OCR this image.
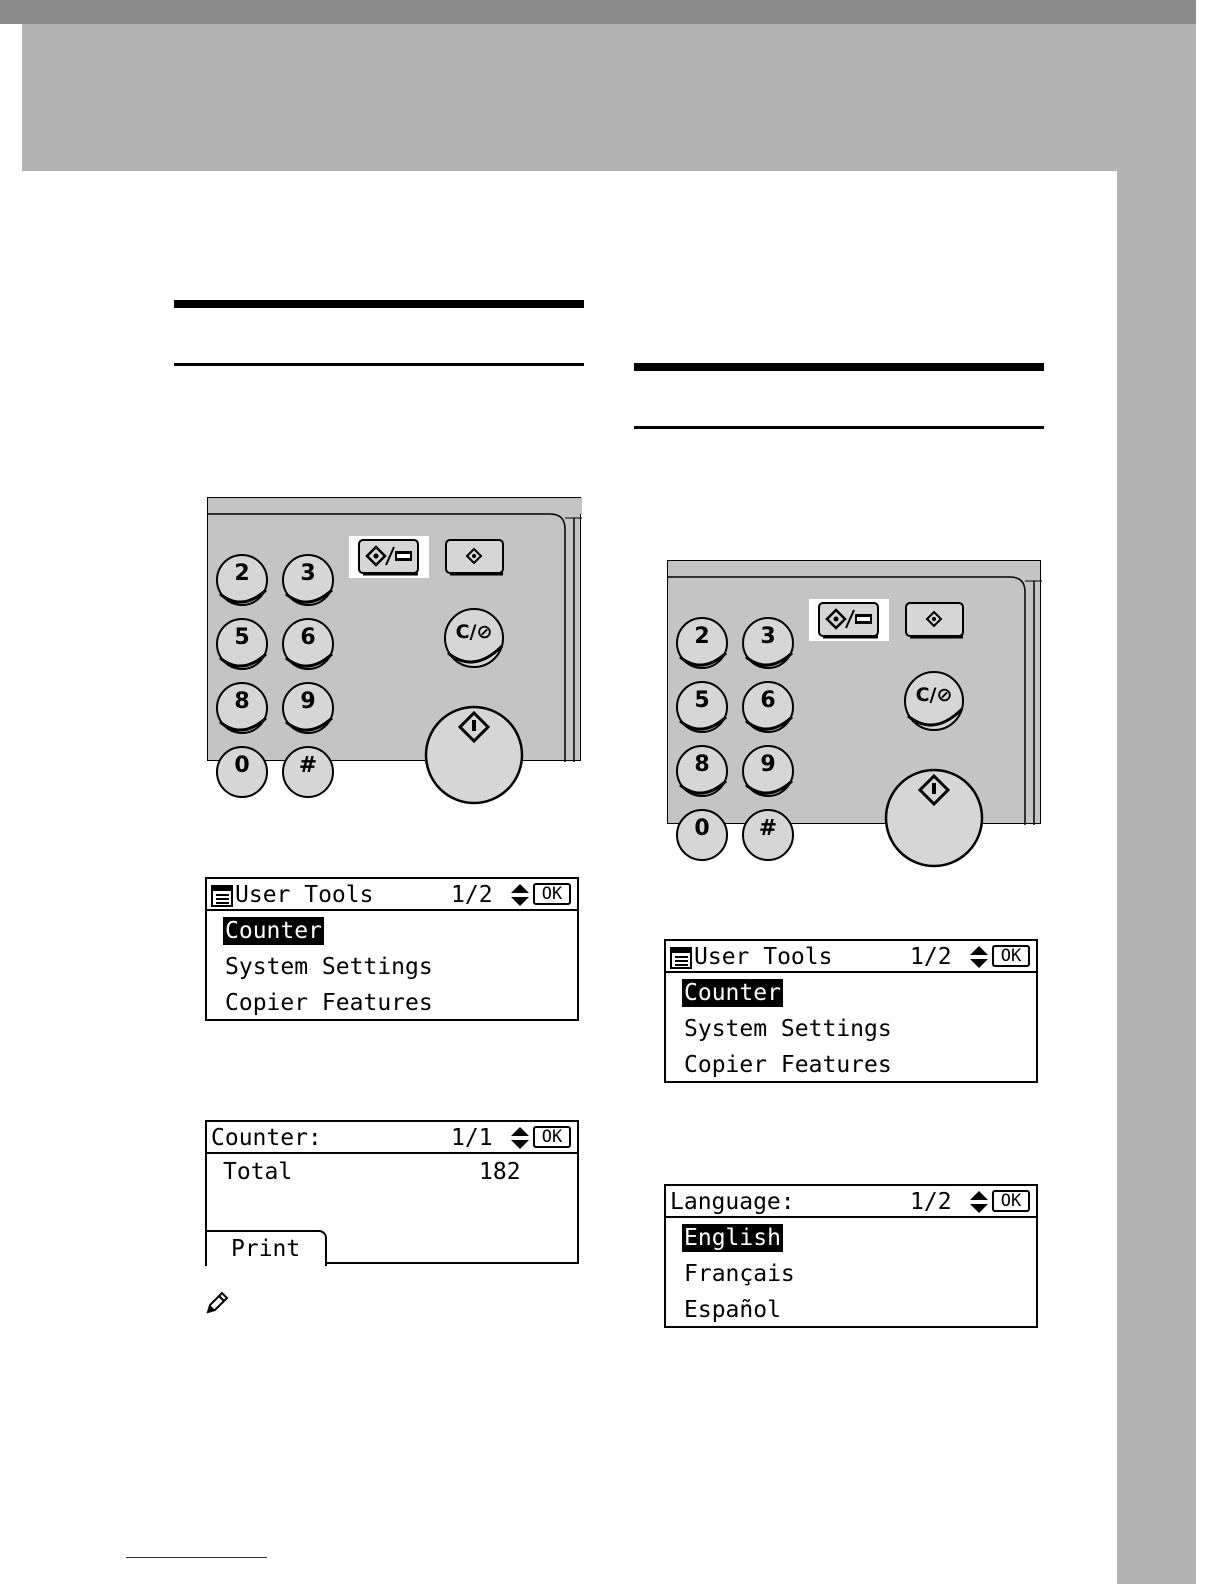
2 3
5 6
8 9
0 #
C/⊘
User Tools	1/2	OK
Counter
System Settings
Copier Features
Counter:	1/1	OK
Total	182
Print
2 3
5 6
8 9
0 #
C/⊘
User Tools	1/2	OK
Counter
System Settings
Copier Features
Language:	1/2	OK
English
Français
Español
